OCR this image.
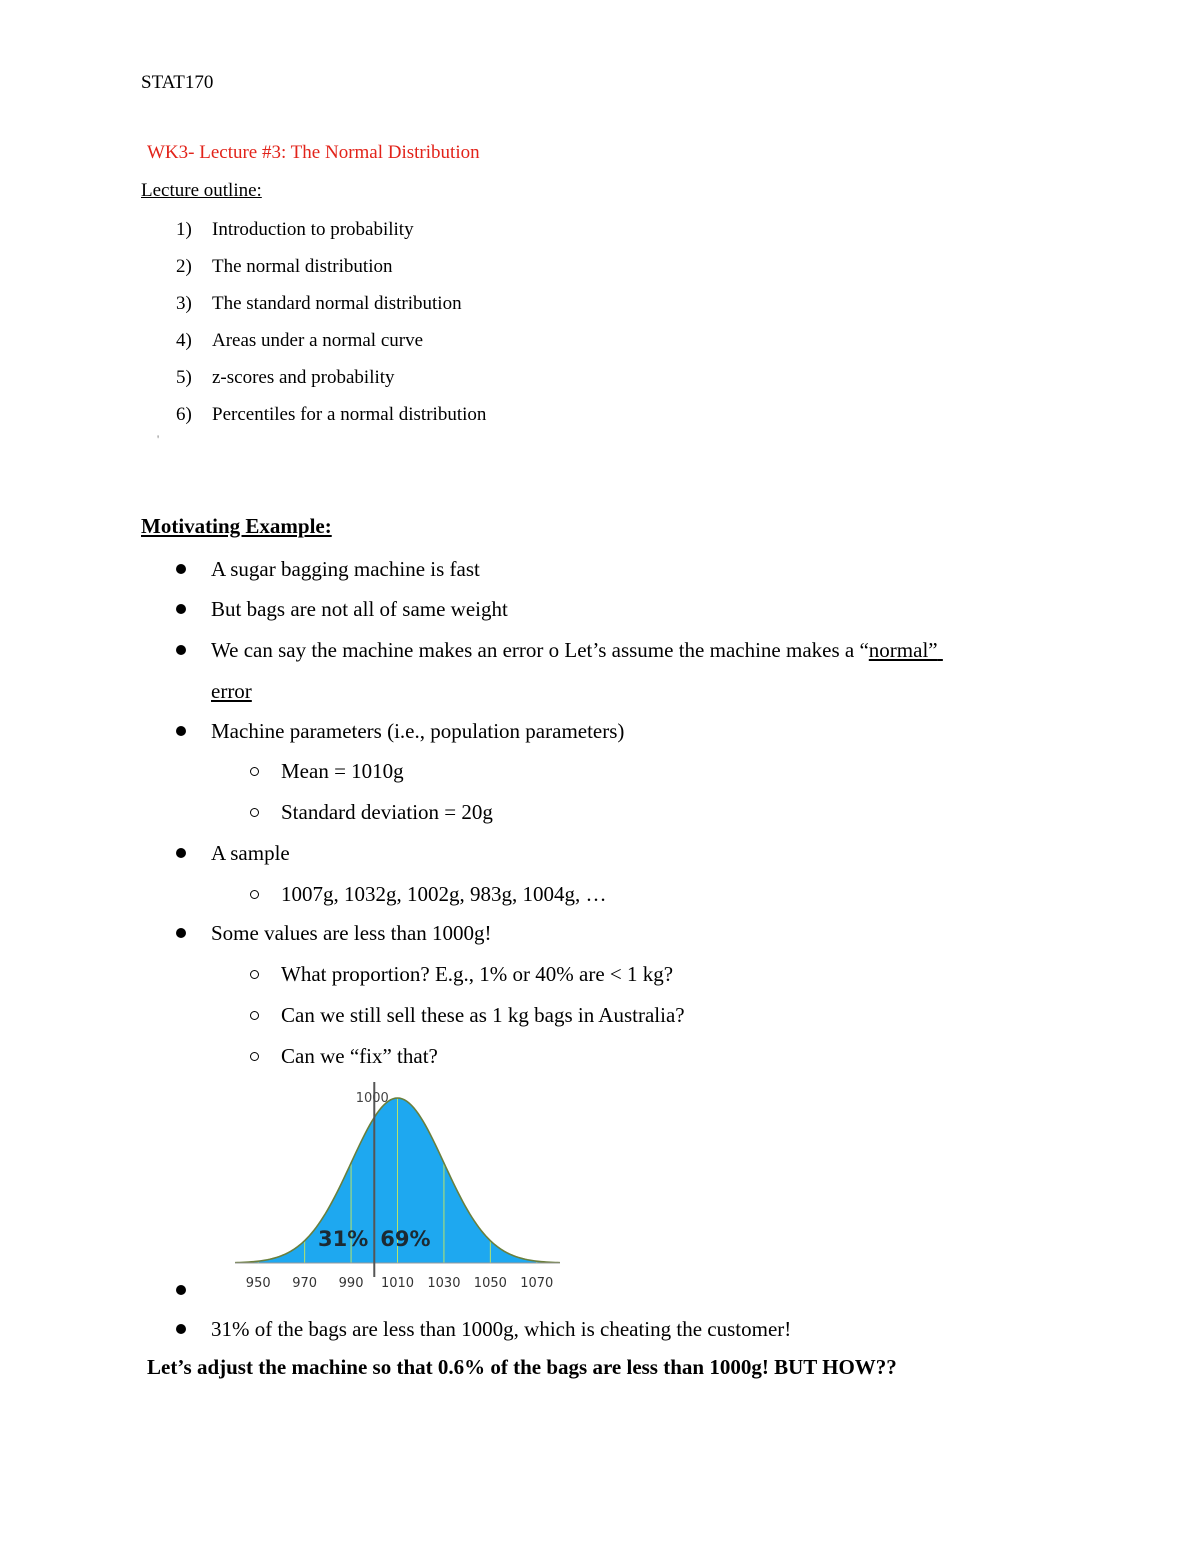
STAT170
WK3- Lecture #3: The Normal Distribution
Lecture outline:
1) Introduction to probability
2) The normal distribution
3) The standard normal distribution
4) Areas under a normal curve
5) z-scores and probability
6) Percentiles for a normal distribution
'
Motivating Example:
A sugar bagging machine is fast
But bags are not all of same weight
We can say the machine makes an error o Let’s assume the machine makes a “normal”
error
Machine parameters (i.e., population parameters)
Mean = 1010g
Standard deviation = 20g
A sample
1007g, 1032g, 1002g, 983g, 1004g, …
Some values are less than 1000g!
What proportion? E.g., 1% or 40% are < 1 kg?
Can we still sell these as 1 kg bags in Australia?
Can we “fix” that?
1000
31% 69%
950 970 990 1010 1030 1050 1070
31% of the bags are less than 1000g, which is cheating the customer!
Let’s adjust the machine so that 0.6% of the bags are less than 1000g! BUT HOW??
